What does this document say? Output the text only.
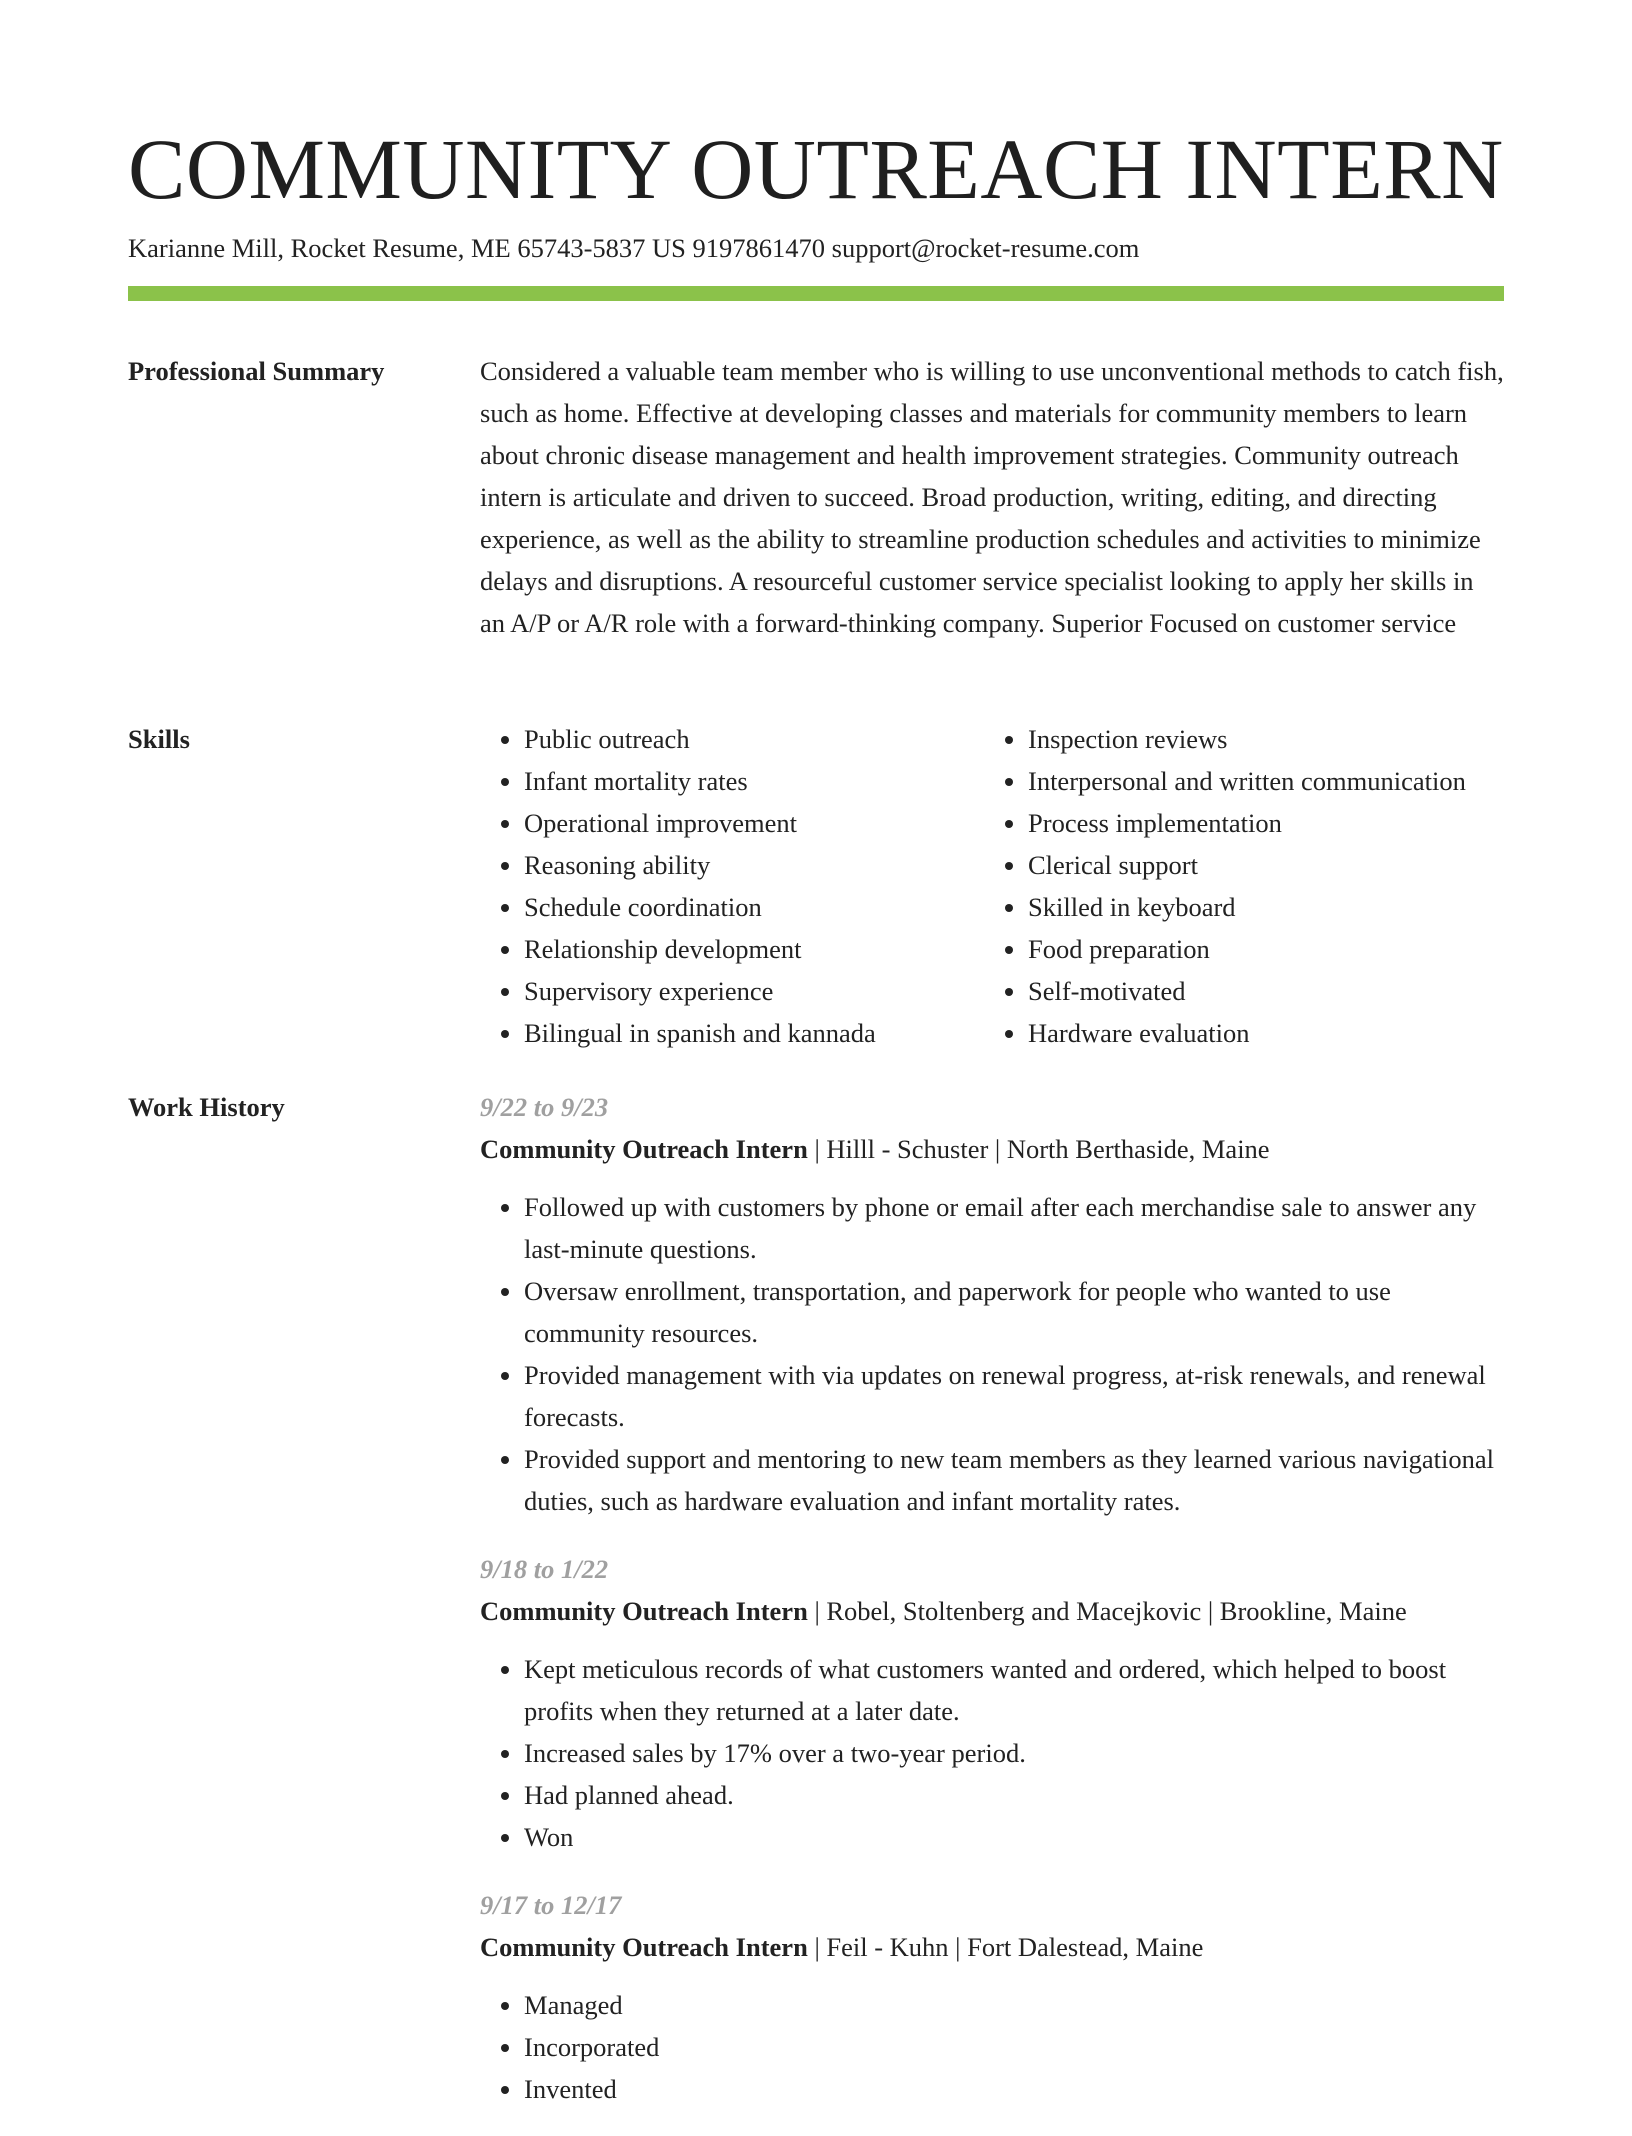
COMMUNITY OUTREACH INTERN
Karianne Mill, Rocket Resume, ME 65743-5837 US 9197861470 support@rocket-resume.com
Professional Summary	Considered a valuable team member who is willing to use unconventional methods to catch fish, such as home. Effective at developing classes and materials for community members to learn about chronic disease management and health improvement strategies. Community outreach intern is articulate and driven to succeed. Broad production, writing, editing, and directing experience, as well as the ability to streamline production schedules and activities to minimize delays and disruptions. A resourceful customer service specialist looking to apply her skills in an A/P or A/R role with a forward-thinking company. Superior Focused on customer service

Skills
•	Public outreach
• Infant mortality rates
• Operational improvement
• Reasoning ability
• Schedule coordination
• Relationship development
• Supervisory experience
• Bilingual in spanish and kannada
• Inspection reviews
• Interpersonal and written communication
• Process implementation
• Clerical support
• Skilled in keyboard
• Food preparation
• Self-motivated
• Hardware evaluation
Work History	9/22 to 9/23
Community Outreach Intern | Hilll - Schuster | North Berthaside, Maine
• Followed up with customers by phone or email after each merchandise sale to answer any last-minute questions.
• Oversaw enrollment, transportation, and paperwork for people who wanted to use community resources.
• Provided management with via updates on renewal progress, at-risk renewals, and renewal forecasts.
• Provided support and mentoring to new team members as they learned various navigational duties, such as hardware evaluation and infant mortality rates.
9/18 to 1/22
Community Outreach Intern | Robel, Stoltenberg and Macejkovic | Brookline, Maine
• Kept meticulous records of what customers wanted and ordered, which helped to boost profits when they returned at a later date.
• Increased sales by 17% over a two-year period.
• Had planned ahead.
• Won
9/17 to 12/17
Community Outreach Intern | Feil - Kuhn | Fort Dalestead, Maine
• Managed
• Incorporated
• Invented
